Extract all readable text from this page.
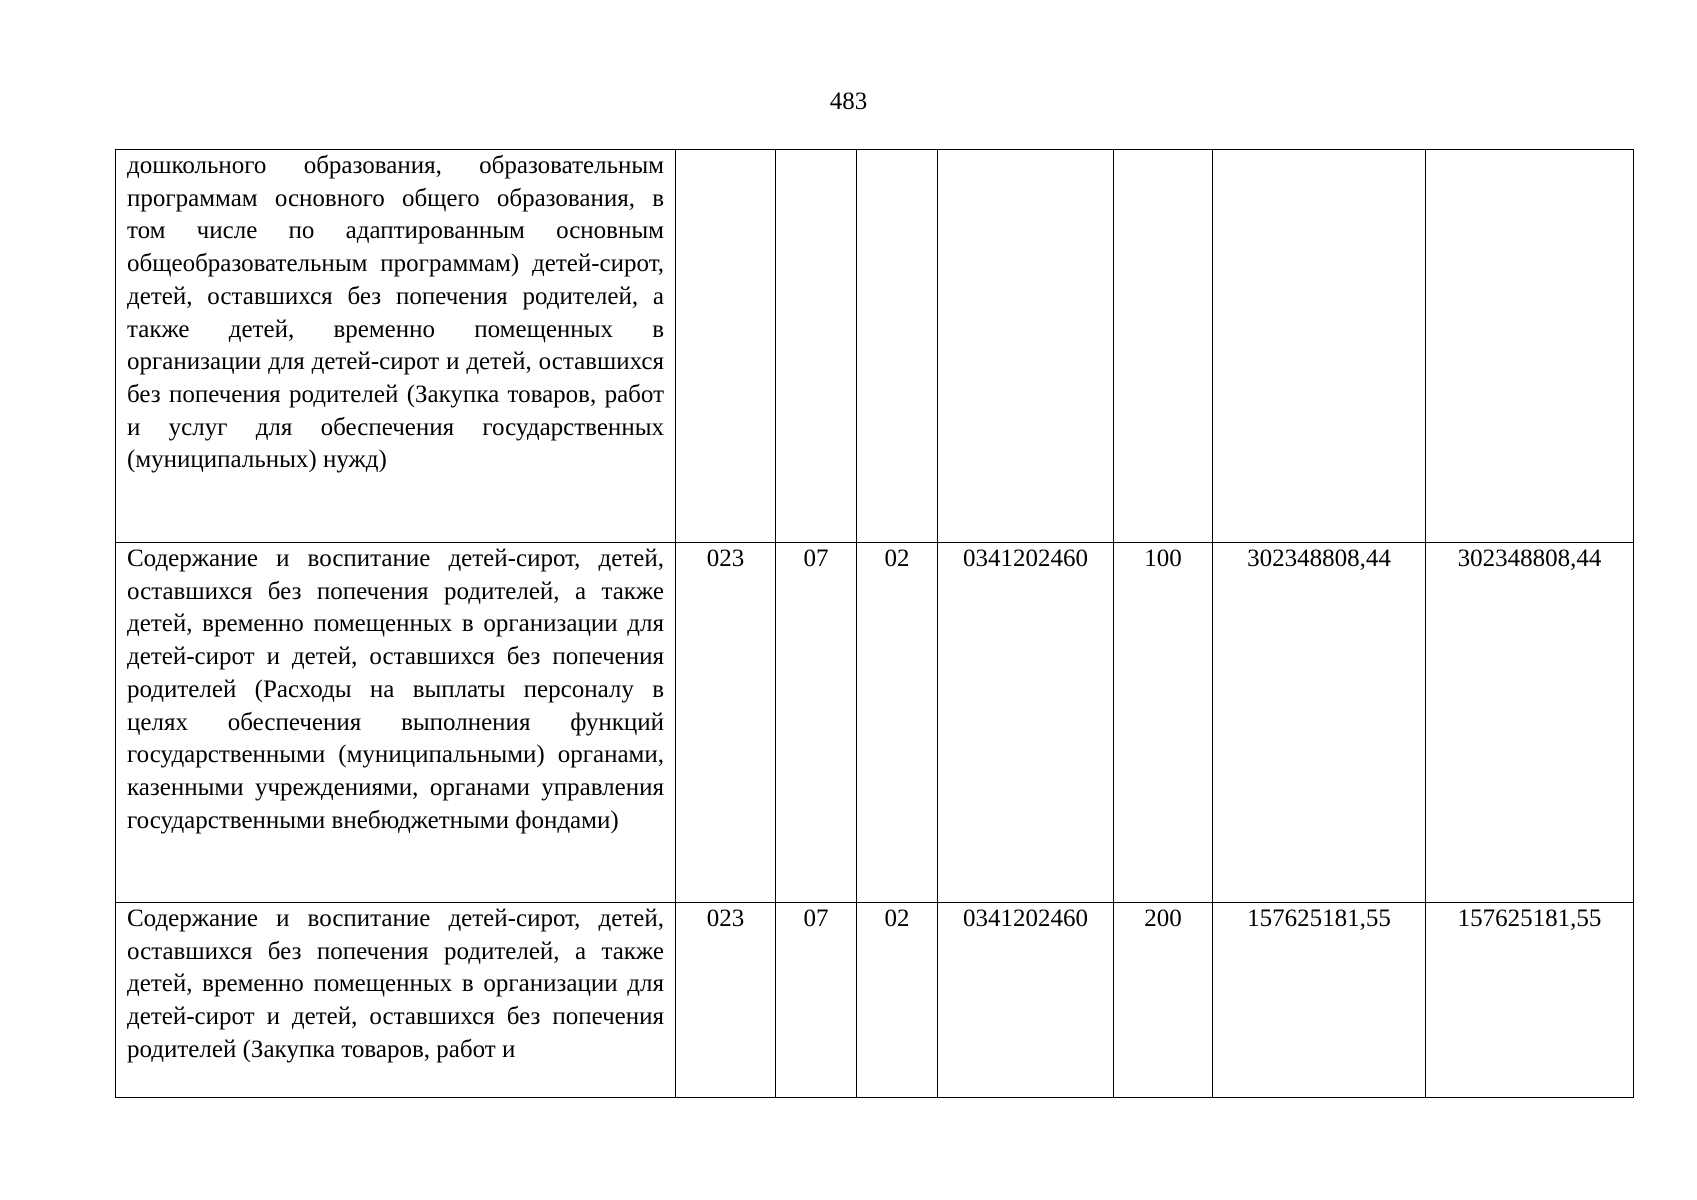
483
дошкольного образования, образовательным программам основного общего образования, в том числе по адаптированным основным общеобразовательным программам) детей-сирот, детей, оставшихся без попечения родителей, а также детей, временно помещенных в организации для детей-сирот и детей, оставшихся без попечения родителей (Закупка товаров, работ и услуг для обеспечения государственных (муниципальных) нужд)							
Содержание и воспитание детей-сирот, детей, оставшихся без попечения родителей, а также детей, временно помещенных в организации для детей-сирот и детей, оставшихся без попечения родителей (Расходы на выплаты персоналу в целях обеспечения выполнения функций государственными (муниципальными) органами, казенными учреждениями, органами управления государственными внебюджетными фондами)	023	07	02	0341202460	100	302348808,44	302348808,44
Содержание и воспитание детей-сирот, детей, оставшихся без попечения родителей, а также детей, временно помещенных в организации для детей-сирот и детей, оставшихся без попечения родителей (Закупка товаров, работ и	023	07	02	0341202460	200	157625181,55	157625181,55
